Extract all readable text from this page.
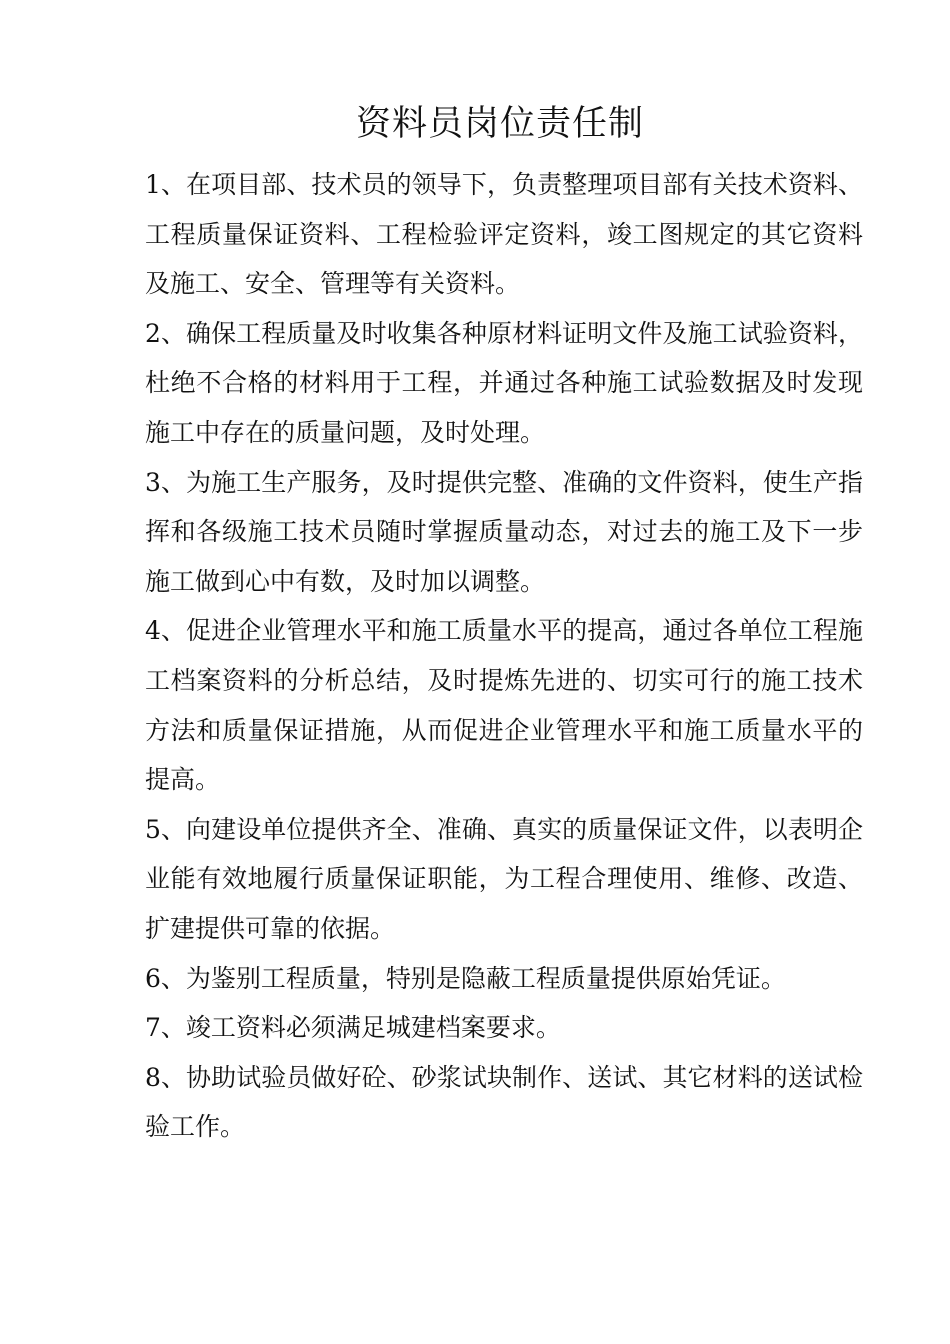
资料员岗位责任制

1、在项目部、技术员的领导下，负责整理项目部有关技术资料、工程质量保证资料、工程检验评定资料，竣工图规定的其它资料及施工、安全、管理等有关资料。

2、确保工程质量及时收集各种原材料证明文件及施工试验资料，杜绝不合格的材料用于工程，并通过各种施工试验数据及时发现施工中存在的质量问题，及时处理。

3、为施工生产服务，及时提供完整、准确的文件资料，使生产指挥和各级施工技术员随时掌握质量动态，对过去的施工及下一步施工做到心中有数，及时加以调整。

4、促进企业管理水平和施工质量水平的提高，通过各单位工程施工档案资料的分析总结，及时提炼先进的、切实可行的施工技术方法和质量保证措施，从而促进企业管理水平和施工质量水平的提高。

5、向建设单位提供齐全、准确、真实的质量保证文件，以表明企业能有效地履行质量保证职能，为工程合理使用、维修、改造、扩建提供可靠的依据。

6、为鉴别工程质量，特别是隐蔽工程质量提供原始凭证。

7、竣工资料必须满足城建档案要求。

8、协助试验员做好砼、砂浆试块制作、送试、其它材料的送试检验工作。
